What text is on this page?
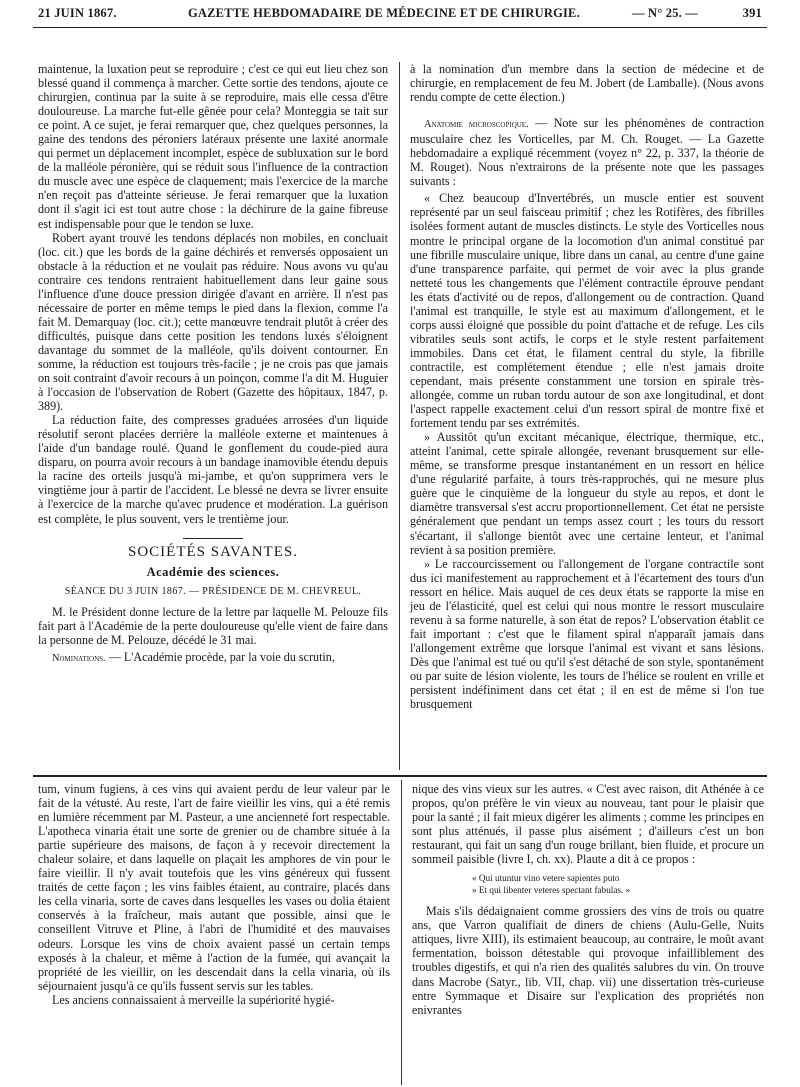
21 JUIN 1867.	GAZETTE HEBDOMADAIRE DE MÉDECINE ET DE CHIRURGIE.	— N° 25. —	391

maintenue, la luxation peut se reproduire ; c'est ce qui eut lieu chez son blessé quand il commença à marcher. Cette sortie des tendons, ajoute ce chirurgien, continua par la suite à se reproduire, mais elle cessa d'être douloureuse. La marche fut-elle gênée pour cela? Monteggia se tait sur ce point. A ce sujet, je ferai remarquer que, chez quelques personnes, la gaine des tendons des péroniers latéraux présente une laxité anormale qui permet un déplacement incomplet, espèce de subluxation sur le bord de la malléole péronière, qui se réduit sous l'influence de la contraction du muscle avec une espèce de claquement; mais l'exercice de la marche n'en reçoit pas d'atteinte sérieuse. Je ferai remarquer que la luxation dont il s'agit ici est tout autre chose : la déchirure de la gaine fibreuse est indispensable pour que le tendon se luxe.

Robert ayant trouvé les tendons déplacés non mobiles, en concluait (loc. cit.) que les bords de la gaine déchirés et renversés opposaient un obstacle à la réduction et ne voulait pas réduire. Nous avons vu qu'au contraire ces tendons rentraient habituellement dans leur gaine sous l'influence d'une douce pression dirigée d'avant en arrière. Il n'est pas nécessaire de porter en même temps le pied dans la flexion, comme l'a fait M. Demarquay (loc. cit.); cette manœuvre tendrait plutôt à créer des difficultés, puisque dans cette position les tendons luxés s'éloignent davantage du sommet de la malléole, qu'ils doivent contourner. En somme, la réduction est toujours très-facile ; je ne crois pas que jamais on soit contraint d'avoir recours à un poinçon, comme l'a dit M. Huguier à l'occasion de l'observation de Robert (Gazette des hôpitaux, 1847, p. 389).

La réduction faite, des compresses graduées arrosées d'un liquide résolutif seront placées derrière la malléole externe et maintenues à l'aide d'un bandage roulé. Quand le gonflement du coude-pied aura disparu, on pourra avoir recours à un bandage inamovible étendu depuis la racine des orteils jusqu'à mi-jambe, et qu'on supprimera vers le vingtième jour à partir de l'accident. Le blessé ne devra se livrer ensuite à l'exercice de la marche qu'avec prudence et modération. La guérison est complète, le plus souvent, vers le trentième jour.

SOCIÉTÉS SAVANTES.
Académie des sciences.
SÉANCE DU 3 JUIN 1867. — PRÉSIDENCE DE M. CHEVREUL.

M. le Président donne lecture de la lettre par laquelle M. Pelouze fils fait part à l'Académie de la perte douloureuse qu'elle vient de faire dans la personne de M. Pelouze, décédé le 31 mai.

Nominations. — L'Académie procède, par la voie du scrutin,

à la nomination d'un membre dans la section de médecine et de chirurgie, en remplacement de feu M. Jobert (de Lamballe). (Nous avons rendu compte de cette élection.)

Anatomie microscopique. — Note sur les phénomènes de contraction musculaire chez les Vorticelles, par M. Ch. Rouget. — La Gazette hebdomadaire a expliqué récemment (voyez n° 22, p. 337, la théorie de M. Rouget). Nous n'extrairons de la présente note que les passages suivants :

« Chez beaucoup d'Invertébrés, un muscle entier est souvent représenté par un seul faisceau primitif ; chez les Rotifères, des fibrilles isolées forment autant de muscles distincts. Le style des Vorticelles nous montre le principal organe de la locomotion d'un animal constitué par une fibrille musculaire unique, libre dans un canal, au centre d'une gaine d'une transparence parfaite, qui permet de voir avec la plus grande netteté tous les changements que l'élément contractile éprouve pendant les états d'activité ou de repos, d'allongement ou de contraction. Quand l'animal est tranquille, le style est au maximum d'allongement, et le corps aussi éloigné que possible du point d'attache et de refuge. Les cils vibratiles seuls sont actifs, le corps et le style restent parfaitement immobiles. Dans cet état, le filament central du style, la fibrille contractile, est complétement étendue ; elle n'est jamais droite cependant, mais présente constamment une torsion en spirale très-allongée, comme un ruban tordu autour de son axe longitudinal, et dont l'aspect rappelle exactement celui d'un ressort spiral de montre fixé et fortement tendu par ses extrémités.

» Aussitôt qu'un excitant mécanique, électrique, thermique, etc., atteint l'animal, cette spirale allongée, revenant brusquement sur elle-même, se transforme presque instantanément en un ressort en hélice d'une régularité parfaite, à tours très-rapprochés, qui ne mesure plus guère que le cinquième de la longueur du style au repos, et dont le diamètre transversal s'est accru proportionnellement. Cet état ne persiste généralement que pendant un temps assez court ; les tours du ressort s'écartant, il s'allonge bientôt avec une certaine lenteur, et l'animal revient à sa position première.

» Le raccourcissement ou l'allongement de l'organe contractile sont dus ici manifestement au rapprochement et à l'écartement des tours d'un ressort en hélice. Mais auquel de ces deux états se rapporte la mise en jeu de l'élasticité, quel est celui qui nous montre le ressort musculaire revenu à sa forme naturelle, à son état de repos? L'observation établit ce fait important : c'est que le filament spiral n'apparaît jamais dans l'allongement extrême que lorsque l'animal est vivant et sans lésions. Dès que l'animal est tué ou qu'il s'est détaché de son style, spontanément ou par suite de lésion violente, les tours de l'hélice se roulent en vrille et persistent indéfiniment dans cet état ; il en est de même si l'on tue brusquement

tum, vinum fugiens, à ces vins qui avaient perdu de leur valeur par le fait de la vétusté. Au reste, l'art de faire vieillir les vins, qui a été remis en lumière récemment par M. Pasteur, a une ancienneté fort respectable. L'apotheca vinaria était une sorte de grenier ou de chambre située à la partie supérieure des maisons, de façon à y recevoir directement la chaleur solaire, et dans laquelle on plaçait les amphores de vin pour le faire vieillir. Il n'y avait toutefois que les vins généreux qui fussent traités de cette façon ; les vins faibles étaient, au contraire, placés dans les cella vinaria, sorte de caves dans lesquelles les vases ou dolia étaient conservés à la fraîcheur, mais autant que possible, ainsi que le conseillent Vitruve et Pline, à l'abri de l'humidité et des mauvaises odeurs. Lorsque les vins de choix avaient passé un certain temps exposés à la chaleur, et même à l'action de la fumée, qui avançait la propriété de les vieillir, on les descendait dans la cella vinaria, où ils séjournaient jusqu'à ce qu'ils fussent servis sur les tables.

Les anciens connaissaient à merveille la supériorité hygié-

nique des vins vieux sur les autres. « C'est avec raison, dit Athénée à ce propos, qu'on préfère le vin vieux au nouveau, tant pour le plaisir que pour la santé ; il fait mieux digérer les aliments ; comme les principes en sont plus atténués, il passe plus aisément ; d'ailleurs c'est un bon restaurant, qui fait un sang d'un rouge brillant, bien fluide, et procure un sommeil paisible (livre I, ch. xx). Plaute a dit à ce propos :

« Qui utuntur vino vetere sapientes puto
» Et qui libenter veteres spectant fabulas. »

Mais s'ils dédaignaient comme grossiers des vins de trois ou quatre ans, que Varron qualifiait de diners de chiens (Aulu-Gelle, Nuits attiques, livre XIII), ils estimaient beaucoup, au contraire, le moût avant fermentation, boisson détestable qui provoque infailliblement des troubles digestifs, et qui n'a rien des qualités salubres du vin. On trouve dans Macrobe (Satyr., lib. VII, chap. vii) une dissertation très-curieuse entre Symmaque et Disaire sur l'explication des propriétés non enivrantes
